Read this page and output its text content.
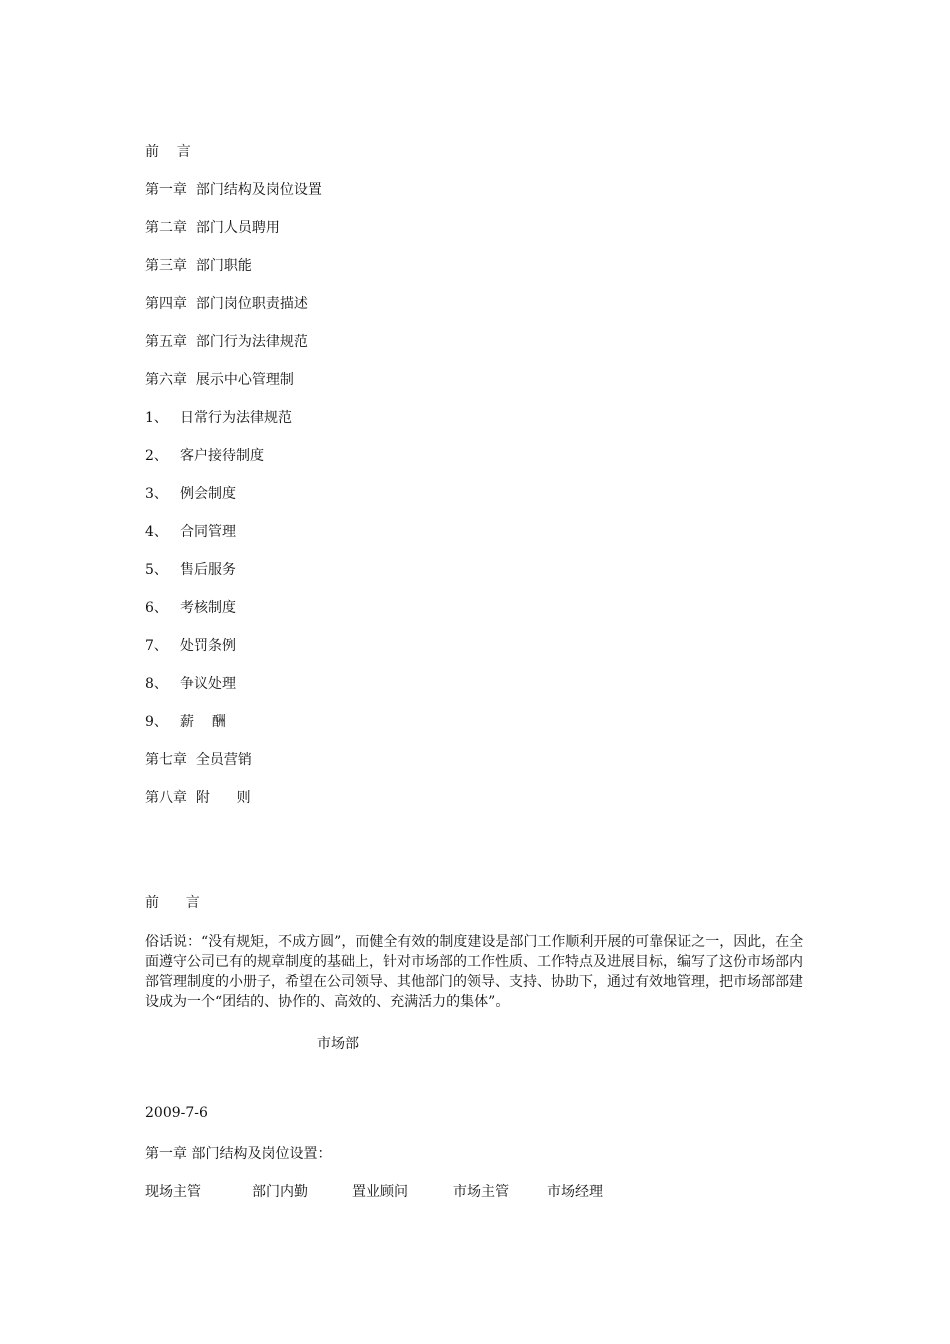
前    言
第一章  部门结构及岗位设置
第二章  部门人员聘用
第三章  部门职能
第四章  部门岗位职责描述
第五章  部门行为法律规范
第六章  展示中心管理制
1、 日常行为法律规范
2、 客户接待制度
3、 例会制度
4、 合同管理
5、 售后服务
6、 考核制度
7、 处罚条例
8、 争议处理
9、 薪    酬
第七章  全员营销
第八章  附      则
前      言
俗话说：“没有规矩，不成方圆”，而健全有效的制度建设是部门工作顺利开展的可靠保证之一，因此，在全面遵守公司已有的规章制度的基础上，针对市场部的工作性质、工作特点及进展目标，编写了这份市场部内部管理制度的小册子，希望在公司领导、其他部门的领导、支持、协助下，通过有效地管理，把市场部部建设成为一个“团结的、协作的、高效的、充满活力的集体”。
市场部
2009-7-6
第一章 部门结构及岗位设置：
现场主管	部门内勤	置业顾问	市场主管	市场经理
